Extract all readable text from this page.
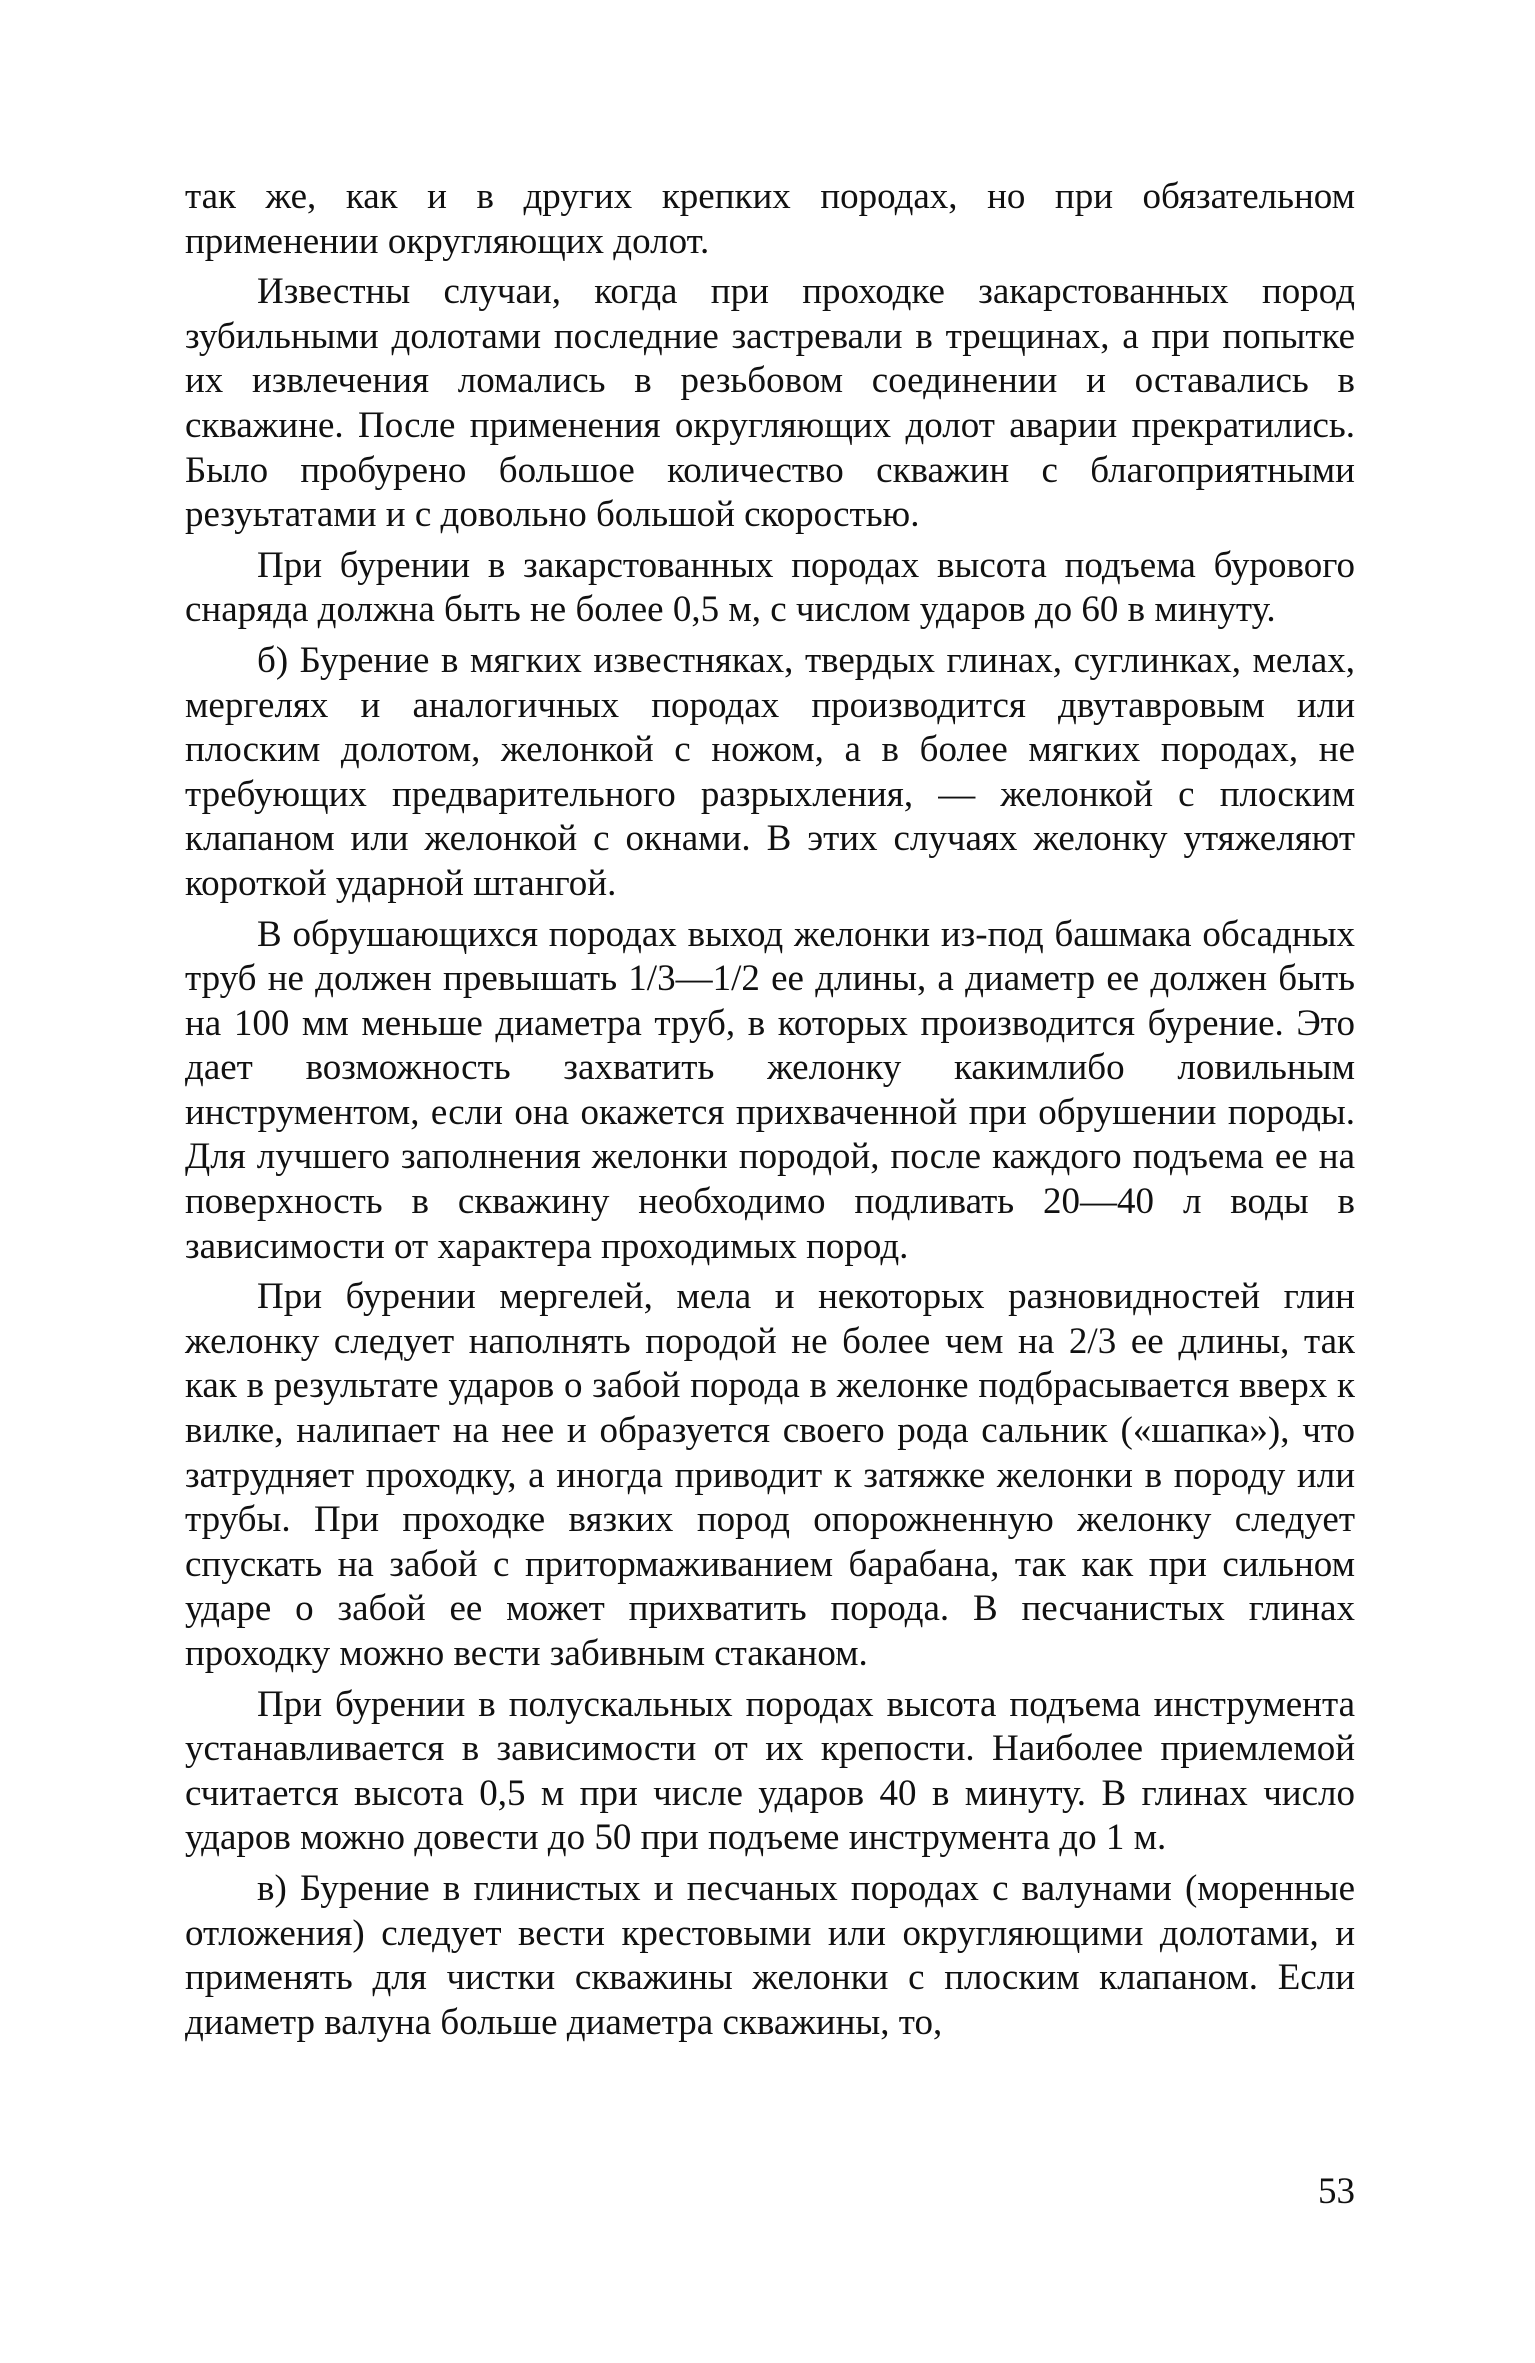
так же, как и в других крепких породах, но при обязательном применении округляющих долот.

Известны случаи, когда при проходке закарстованных пород зубильными долотами последние застревали в трещинах, а при попытке их извлечения ломались в резьбовом соединении и оставались в скважине. После применения округляющих долот аварии прекратились. Было пробурено большое количество скважин с благоприятными резуьтатами и с довольно большой скоростью.

При бурении в закарстованных породах высота подъема бурового снаряда должна быть не более 0,5 м, с числом ударов до 60 в минуту.

б) Бурение в мягких известняках, твердых глинах, суглинках, мелах, мергелях и аналогичных породах производится двутавровым или плоским долотом, желонкой с ножом, а в более мягких породах, не требующих предварительного разрыхления, — желонкой с плоским клапаном или желонкой с окнами. В этих случаях желонку утяжеляют короткой ударной штангой.

В обрушающихся породах выход желонки из-под башмака обсадных труб не должен превышать 1/3—1/2 ее длины, а диаметр ее должен быть на 100 мм меньше диаметра труб, в которых производится бурение. Это дает возможность захватить желонку какимлибо ловильным инструментом, если она окажется прихваченной при обрушении породы. Для лучшего заполнения желонки породой, после каждого подъема ее на поверхность в скважину необходимо подливать 20—40 л воды в зависимости от характера проходимых пород.

При бурении мергелей, мела и некоторых разновидностей глин желонку следует наполнять породой не более чем на 2/3 ее длины, так как в результате ударов о забой порода в желонке подбрасывается вверх к вилке, налипает на нее и образуется своего рода сальник («шапка»), что затрудняет проходку, а иногда приводит к затяжке желонки в породу или трубы. При проходке вязких пород опорожненную желонку следует спускать на забой с притормаживанием барабана, так как при сильном ударе о забой ее может прихватить порода. В песчанистых глинах проходку можно вести забивным стаканом.

При бурении в полускальных породах высота подъема инструмента устанавливается в зависимости от их крепости. Наиболее приемлемой считается высота 0,5 м при числе ударов 40 в минуту. В глинах число ударов можно довести до 50 при подъеме инструмента до 1 м.

в) Бурение в глинистых и песчаных породах с валунами (моренные отложения) следует вести крестовыми или округляющими долотами, и применять для чистки скважины желонки с плоским клапаном. Если диаметр валуна больше диаметра скважины, то,

53
